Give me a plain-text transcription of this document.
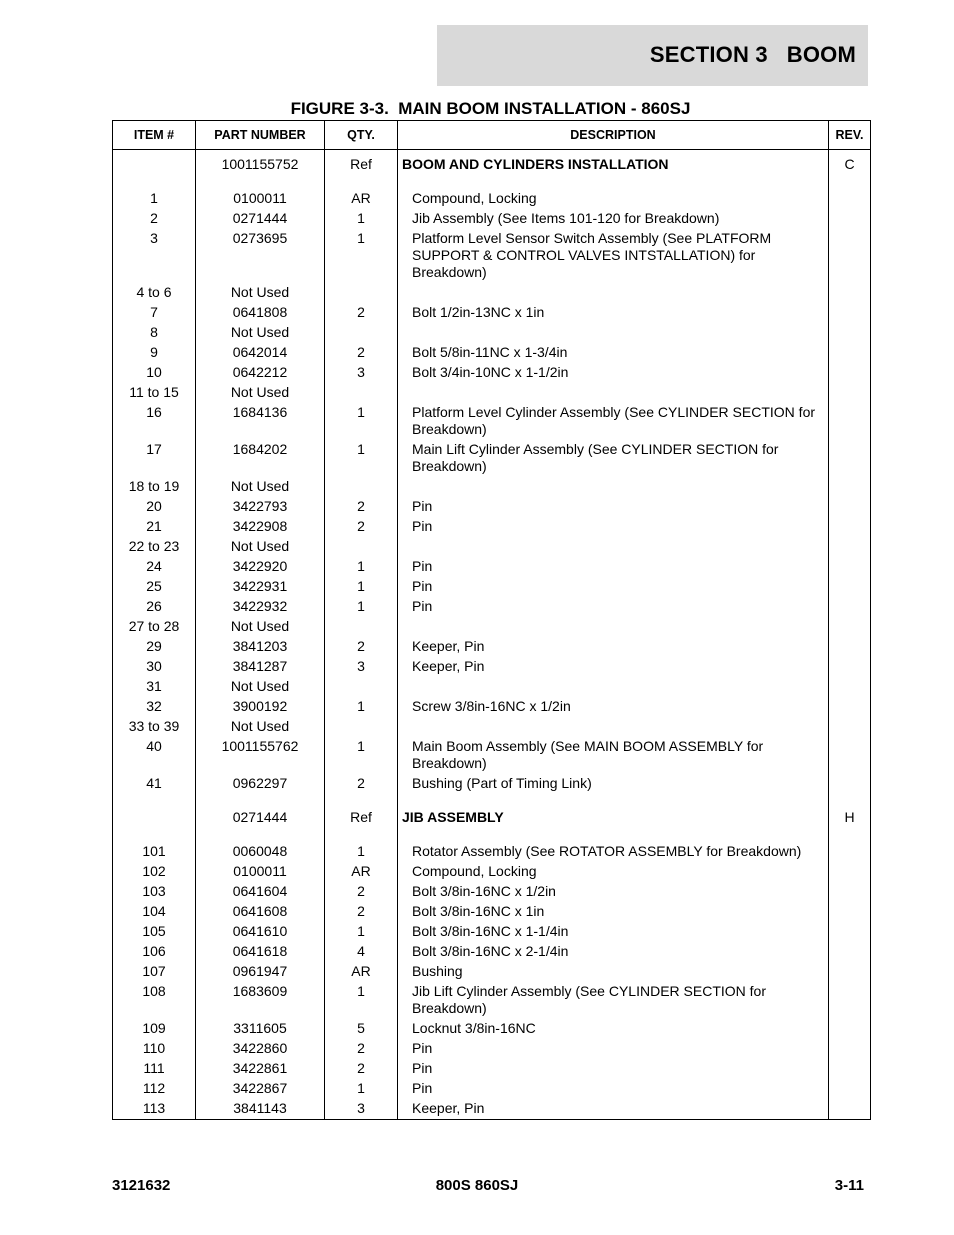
SECTION 3   BOOM
FIGURE 3-3.  MAIN BOOM INSTALLATION - 860SJ
ITEM #	PART NUMBER	QTY.	DESCRIPTION	REV.
	1001155752	Ref	BOOM AND CYLINDERS INSTALLATION	C

1	0100011	AR	Compound, Locking	
2	0271444	1	Jib Assembly (See Items 101-120 for Breakdown)	
3	0273695	1	Platform Level Sensor Switch Assembly (See PLATFORM SUPPORT & CONTROL VALVES INTSTALLATION) for Breakdown)	
4 to 6	Not Used			
7	0641808	2	Bolt 1/2in-13NC x 1in	
8	Not Used			
9	0642014	2	Bolt 5/8in-11NC x 1-3/4in	
10	0642212	3	Bolt 3/4in-10NC x 1-1/2in	
11 to 15	Not Used			
16	1684136	1	Platform Level Cylinder Assembly (See CYLINDER SECTION for Breakdown)	
17	1684202	1	Main Lift Cylinder Assembly (See CYLINDER SECTION for Breakdown)	
18 to 19	Not Used			
20	3422793	2	Pin	
21	3422908	2	Pin	
22 to 23	Not Used			
24	3422920	1	Pin	
25	3422931	1	Pin	
26	3422932	1	Pin	
27 to 28	Not Used			
29	3841203	2	Keeper, Pin	
30	3841287	3	Keeper, Pin	
31	Not Used			
32	3900192	1	Screw 3/8in-16NC x 1/2in	
33 to 39	Not Used			
40	1001155762	1	Main Boom Assembly (See MAIN BOOM ASSEMBLY for Breakdown)	
41	0962297	2	Bushing (Part of Timing Link)	

	0271444	Ref	JIB ASSEMBLY	H

101	0060048	1	Rotator Assembly (See ROTATOR ASSEMBLY for Breakdown)	
102	0100011	AR	Compound, Locking	
103	0641604	2	Bolt 3/8in-16NC x 1/2in	
104	0641608	2	Bolt 3/8in-16NC x 1in	
105	0641610	1	Bolt 3/8in-16NC x 1-1/4in	
106	0641618	4	Bolt 3/8in-16NC x 2-1/4in	
107	0961947	AR	Bushing	
108	1683609	1	Jib Lift Cylinder Assembly (See CYLINDER SECTION for Breakdown)	
109	3311605	5	Locknut 3/8in-16NC	
110	3422860	2	Pin	
111	3422861	2	Pin	
112	3422867	1	Pin	
113	3841143	3	Keeper, Pin	
3121632	800S 860SJ	3-11
